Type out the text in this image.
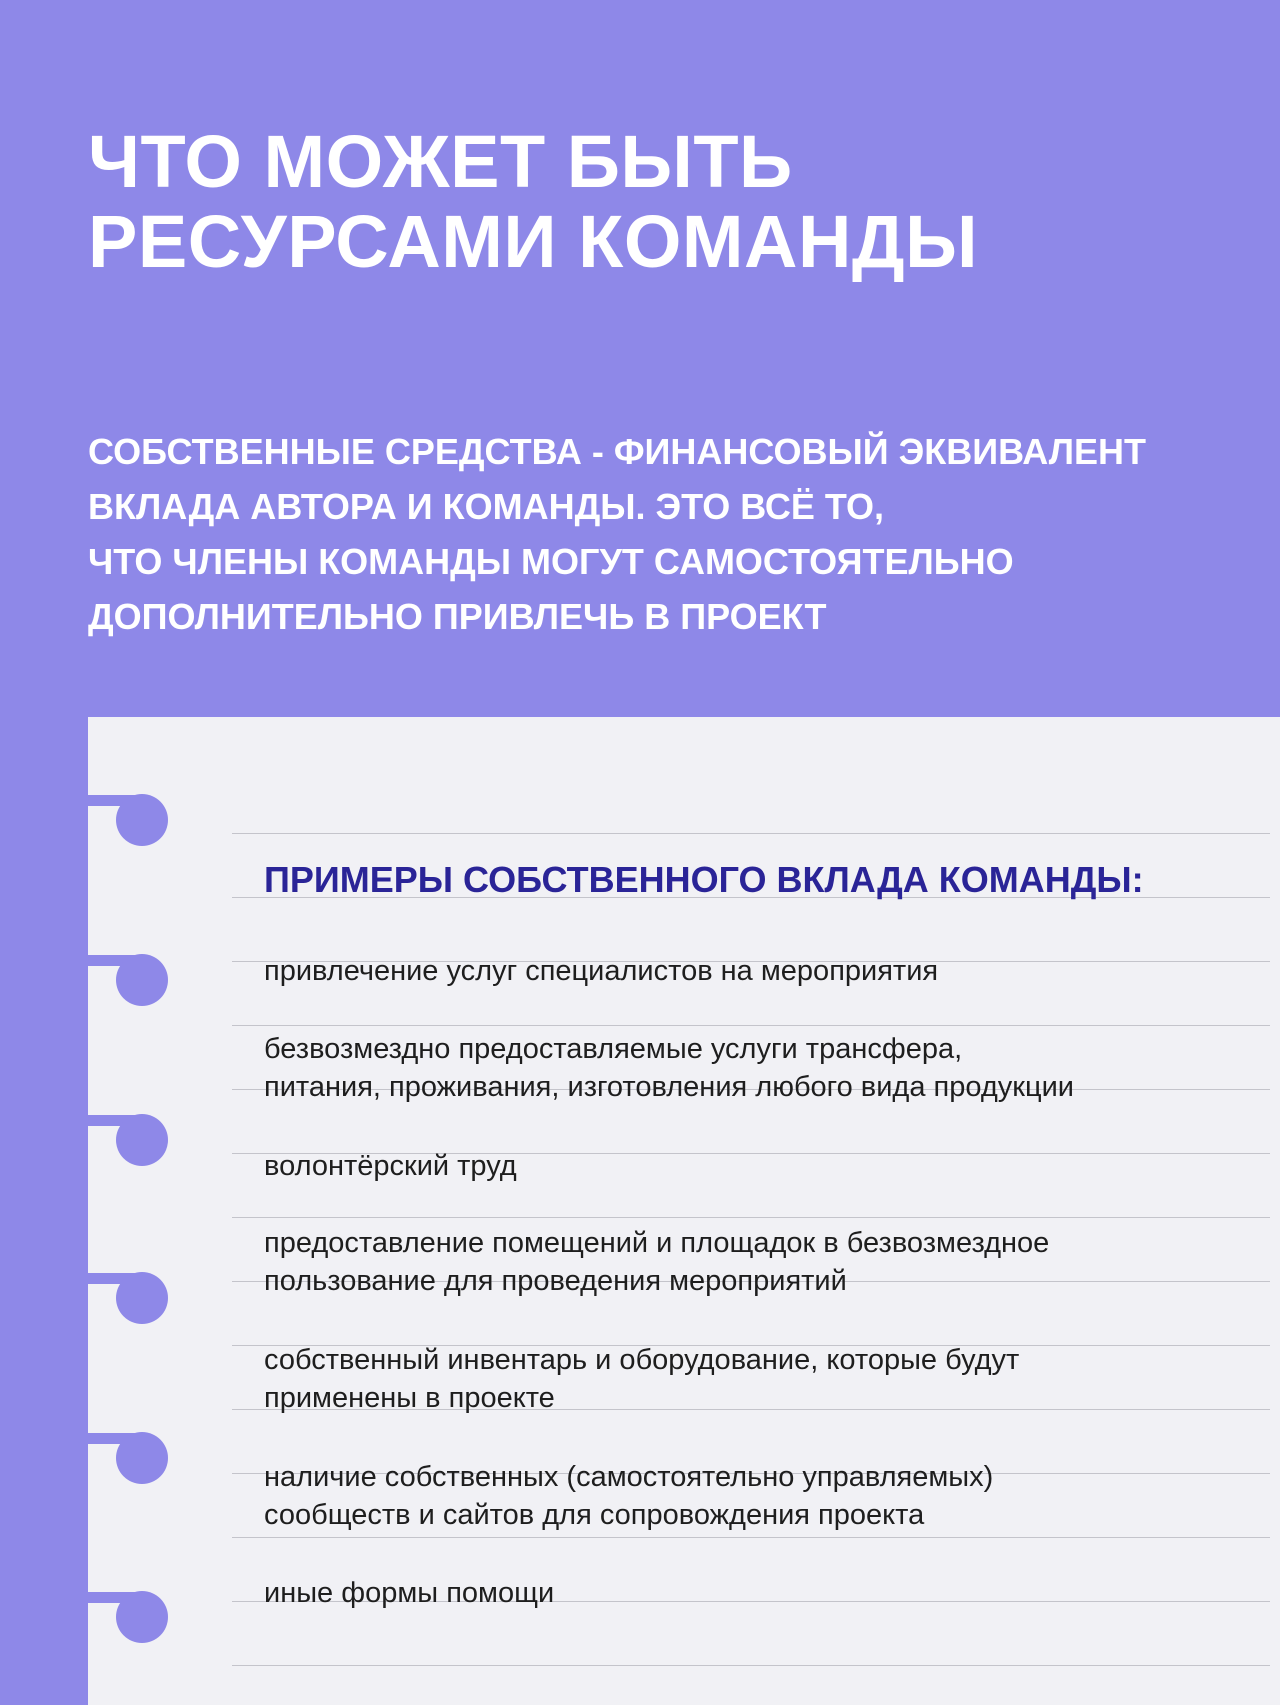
ЧТО МОЖЕТ БЫТЬ
РЕСУРСАМИ КОМАНДЫ

СОБСТВЕННЫЕ СРЕДСТВА - ФИНАНСОВЫЙ ЭКВИВАЛЕНТ
ВКЛАДА АВТОРА И КОМАНДЫ. ЭТО ВСЁ ТО,
ЧТО ЧЛЕНЫ КОМАНДЫ МОГУТ САМОСТОЯТЕЛЬНО
ДОПОЛНИТЕЛЬНО ПРИВЛЕЧЬ В ПРОЕКТ

ПРИМЕРЫ СОБСТВЕННОГО ВКЛАДА КОМАНДЫ:

привлечение услуг специалистов на мероприятия

безвозмездно предоставляемые услуги трансфера,
питания, проживания, изготовления любого вида продукции

волонтёрский труд

предоставление помещений и площадок в безвозмездное
пользование для проведения мероприятий

собственный инвентарь и оборудование, которые будут
применены в проекте

наличие собственных (самостоятельно управляемых)
сообществ и сайтов для сопровождения проекта

иные формы помощи
